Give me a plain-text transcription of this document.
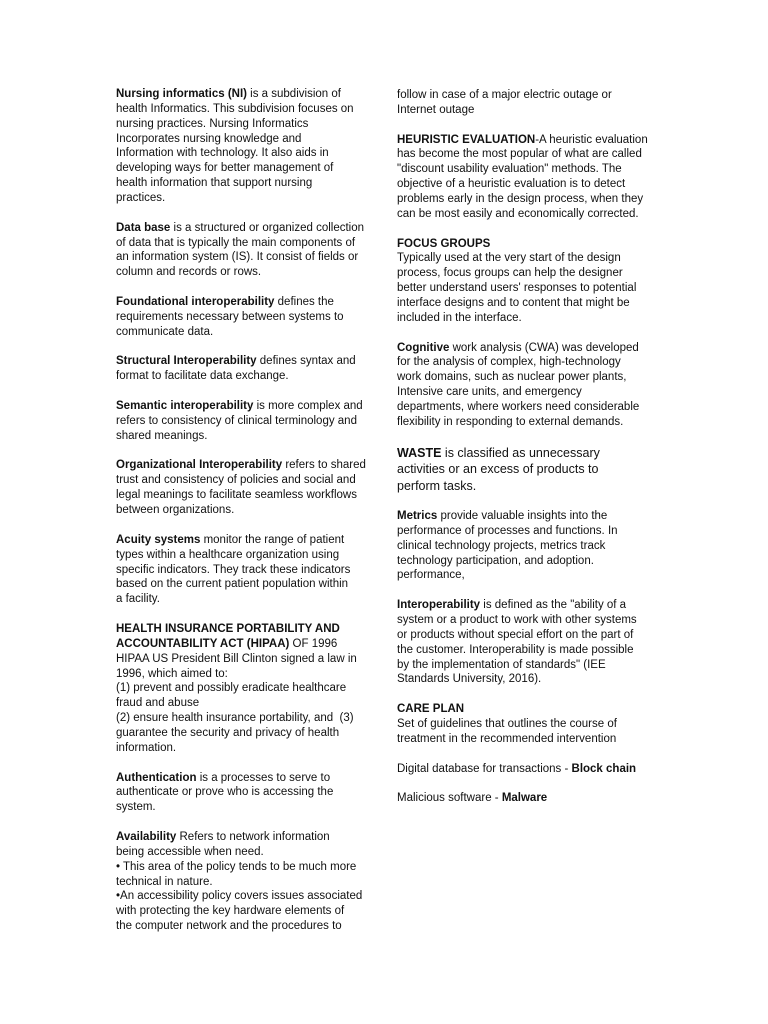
Nursing informatics (NI) is a subdivision of
health Informatics. This subdivision focuses on
nursing practices. Nursing Informatics
Incorporates nursing knowledge and
Information with technology. It also aids in
developing ways for better management of
health information that support nursing
practices.
Data base is a structured or organized collection
of data that is typically the main components of
an information system (IS). It consist of fields or
column and records or rows.
Foundational interoperability defines the
requirements necessary between systems to
communicate data.
Structural Interoperability defines syntax and
format to facilitate data exchange.
Semantic interoperability is more complex and
refers to consistency of clinical terminology and
shared meanings.
Organizational Interoperability refers to shared
trust and consistency of policies and social and
legal meanings to facilitate seamless workflows
between organizations.
Acuity systems monitor the range of patient
types within a healthcare organization using
specific indicators. They track these indicators
based on the current patient population within
a facility.
HEALTH INSURANCE PORTABILITY AND
ACCOUNTABILITY ACT (HIPAA) OF 1996
HIPAA US President Bill Clinton signed a law in
1996, which aimed to:
(1) prevent and possibly eradicate healthcare
fraud and abuse
(2) ensure health insurance portability, and  (3)
guarantee the security and privacy of health
information.
Authentication is a processes to serve to
authenticate or prove who is accessing the
system.
Availability Refers to network information
being accessible when need.
• This area of the policy tends to be much more
technical in nature.
•An accessibility policy covers issues associated
with protecting the key hardware elements of
the computer network and the procedures to
follow in case of a major electric outage or
Internet outage
HEURISTIC EVALUATION-A heuristic evaluation
has become the most popular of what are called
"discount usability evaluation" methods. The
objective of a heuristic evaluation is to detect
problems early in the design process, when they
can be most easily and economically corrected.
FOCUS GROUPS
Typically used at the very start of the design
process, focus groups can help the designer
better understand users' responses to potential
interface designs and to content that might be
included in the interface.
Cognitive work analysis (CWA) was developed
for the analysis of complex, high-technology
work domains, such as nuclear power plants,
Intensive care units, and emergency
departments, where workers need considerable
flexibility in responding to external demands.
WASTE is classified as unnecessary
activities or an excess of products to
perform tasks.
Metrics provide valuable insights into the
performance of processes and functions. In
clinical technology projects, metrics track
technology participation, and adoption.
performance,
Interoperability is defined as the "ability of a
system or a product to work with other systems
or products without special effort on the part of
the customer. Interoperability is made possible
by the implementation of standards" (IEE
Standards University, 2016).
CARE PLAN
Set of guidelines that outlines the course of
treatment in the recommended intervention
Digital database for transactions - Block chain
Malicious software - Malware
